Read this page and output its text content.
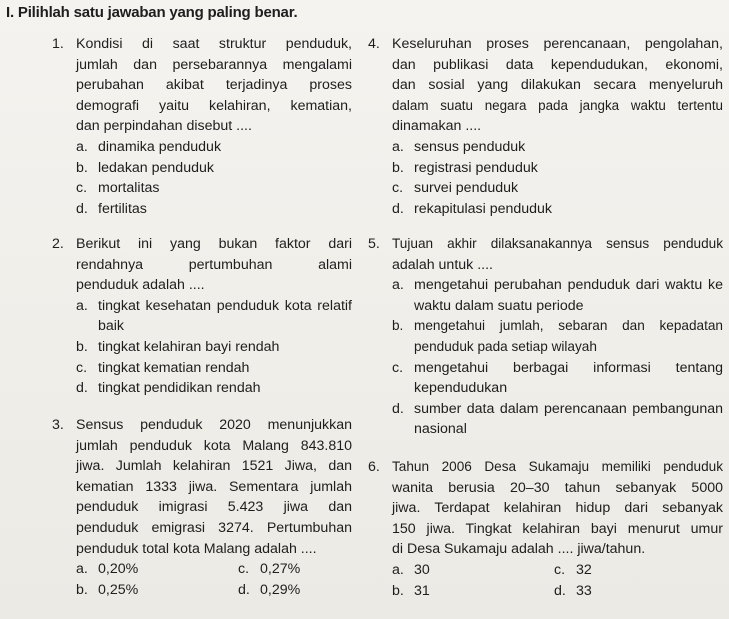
I. Pilihlah satu jawaban yang paling benar.
1. Kondisi di saat struktur penduduk,
jumlah dan persebarannya mengalami
perubahan akibat terjadinya proses
demografi yaitu kelahiran, kematian,
dan perpindahan disebut ....
a. dinamika penduduk
b. ledakan penduduk
c. mortalitas
d. fertilitas
2. Berikut ini yang bukan faktor dari
rendahnya pertumbuhan alami
penduduk adalah ....
a. tingkat kesehatan penduduk kota relatif baik
b. tingkat kelahiran bayi rendah
c. tingkat kematian rendah
d. tingkat pendidikan rendah
3. Sensus penduduk 2020 menunjukkan
jumlah penduduk kota Malang 843.810
jiwa. Jumlah kelahiran 1521 Jiwa, dan
kematian 1333 jiwa. Sementara jumlah
penduduk imigrasi 5.423 jiwa dan
penduduk emigrasi 3274. Pertumbuhan
penduduk total kota Malang adalah ....
a. 0,20%	c. 0,27%
b. 0,25%	d. 0,29%
4. Keseluruhan proses perencanaan, pengolahan,
dan publikasi data kependudukan, ekonomi,
dan sosial yang dilakukan secara menyeluruh
dalam suatu negara pada jangka waktu tertentu
dinamakan ....
a. sensus penduduk
b. registrasi penduduk
c. survei penduduk
d. rekapitulasi penduduk
5. Tujuan akhir dilaksanakannya sensus penduduk
adalah untuk ....
a. mengetahui perubahan penduduk dari waktu ke waktu dalam suatu periode
b. mengetahui jumlah, sebaran dan kepadatan penduduk pada setiap wilayah
c. mengetahui berbagai informasi tentang kependudukan
d. sumber data dalam perencanaan pembangunan nasional
6. Tahun 2006 Desa Sukamaju memiliki penduduk
wanita berusia 20–30 tahun sebanyak 5000
jiwa. Terdapat kelahiran hidup dari sebanyak
150 jiwa. Tingkat kelahiran bayi menurut umur
di Desa Sukamaju adalah .... jiwa/tahun.
a. 30	c. 32
b. 31	d. 33
